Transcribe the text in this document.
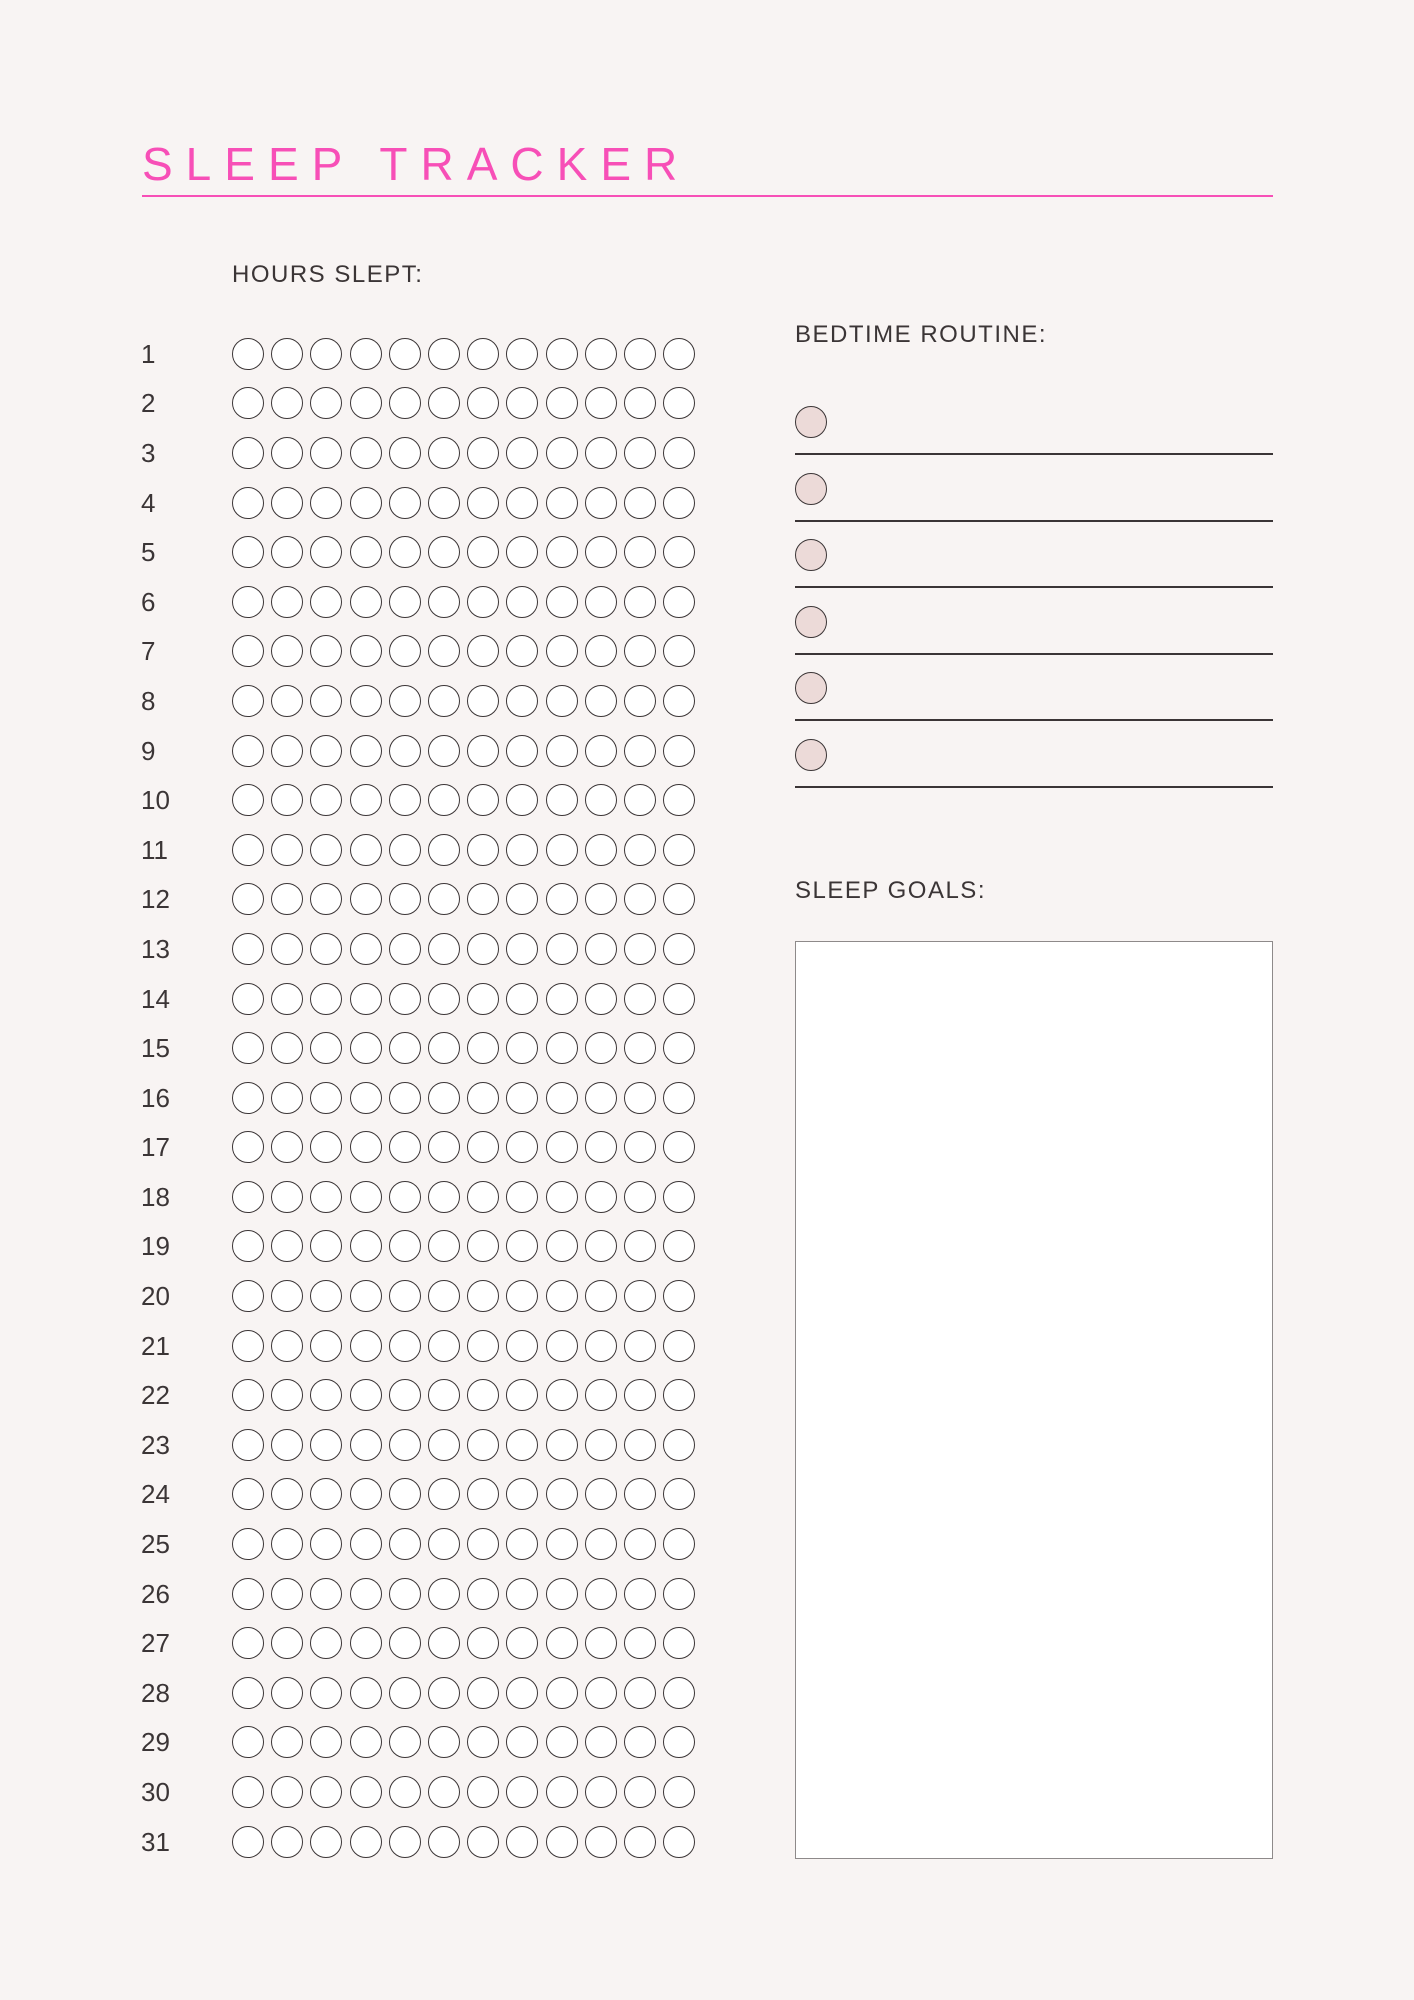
SLEEP TRACKER
HOURS SLEPT:
1
2
3
4
5
6
7
8
9
10
11
12
13
14
15
16
17
18
19
20
21
22
23
24
25
26
27
28
29
30
31
BEDTIME ROUTINE:
SLEEP GOALS:
